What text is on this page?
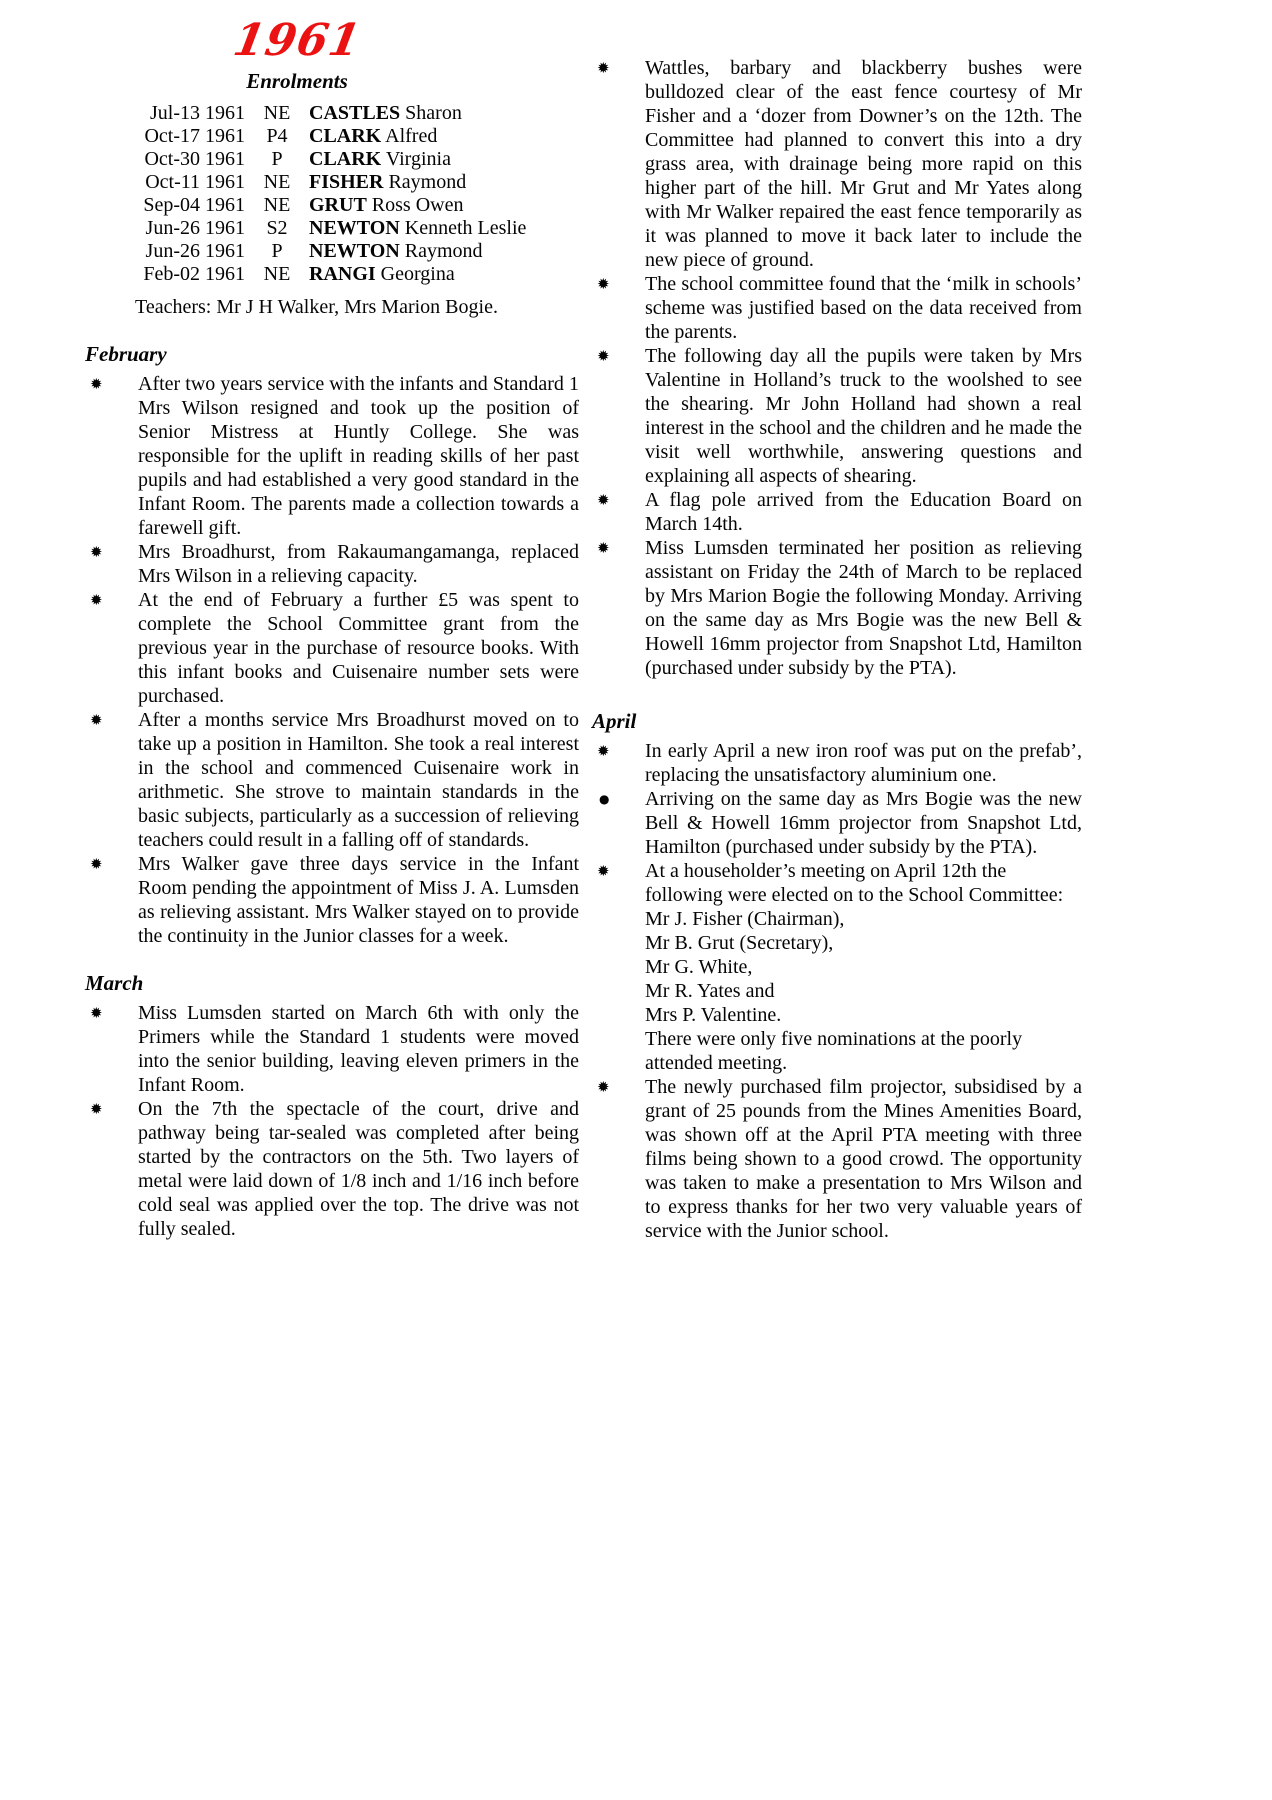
1961
Enrolments
Jul-13 1961 NE CASTLES Sharon
Oct-17 1961	P4	CLARK Alfred
Oct-30 1961	P	CLARK Virginia
Oct-11 1961 NE FISHER Raymond
Sep-04 1961 NE GRUT Ross Owen
Jun-26 1961	S2	NEWTON Kenneth Leslie
Jun-26 1961	P	NEWTON Raymond
Feb-02 1961 NE RANGI Georgina
Teachers: Mr J H Walker, Mrs Marion Bogie.
February
✹	After two years service with the infants and Standard 1 Mrs Wilson resigned and took up the position of Senior Mistress at Huntly College. She was responsible for the uplift in reading skills of her past pupils and had established a very good standard in the Infant Room. The parents made a collection towards a farewell gift.
✹	Mrs Broadhurst, from Rakaumangamanga, replaced Mrs Wilson in a relieving capacity.
✹	At the end of February a further £5 was spent to complete the School Committee grant from the previous year in the purchase of resource books. With this infant books and Cuisenaire number sets were purchased.
✹	After a months service Mrs Broadhurst moved on to take up a position in Hamilton. She took a real interest in the school and commenced Cuisenaire work in arithmetic. She strove to maintain standards in the basic subjects, particularly as a succession of relieving teachers could result in a falling off of standards.
✹	Mrs Walker gave three days service in the Infant Room pending the appointment of Miss J. A. Lumsden as relieving assistant. Mrs Walker stayed on to provide the continuity in the Junior classes for a week.
March
✹	Miss Lumsden started on March 6th with only the Primers while the Standard 1 students were moved into the senior building, leaving eleven primers in the Infant Room.
✹	On the 7th the spectacle of the court, drive and pathway being tar-sealed was completed after being started by the contractors on the 5th. Two layers of metal were laid down of 1/8 inch and 1/16 inch before cold seal was applied over the top. The drive was not fully sealed.
✹	Wattles, barbary and blackberry bushes were bulldozed clear of the east fence courtesy of Mr Fisher and a ‘dozer from Downer’s on the 12th. The Committee had planned to convert this into a dry grass area, with drainage being more rapid on this higher part of the hill. Mr Grut and Mr Yates along with Mr Walker repaired the east fence temporarily as it was planned to move it back later to include the new piece of ground.
✹	The school committee found that the ‘milk in schools’ scheme was justified based on the data received from the parents.
✹	The following day all the pupils were taken by Mrs Valentine in Holland’s truck to the woolshed to see the shearing. Mr John Holland had shown a real interest in the school and the children and he made the visit well worthwhile, answering questions and explaining all aspects of shearing.
✹	A flag pole arrived from the Education Board on March 14th.
✹	Miss Lumsden terminated her position as relieving assistant on Friday the 24th of March to be replaced by Mrs Marion Bogie the following Monday. Arriving on the same day as Mrs Bogie was the new Bell & Howell 16mm projector from Snapshot Ltd, Hamilton (purchased under subsidy by the PTA).
April
✹	In early April a new iron roof was put on the prefab’, replacing the unsatisfactory aluminium one.
●	Arriving on the same day as Mrs Bogie was the new Bell & Howell 16mm projector from Snapshot Ltd, Hamilton (purchased under subsidy by the PTA).
✹	At a householder’s meeting on April 12th the following were elected on to the School Committee:
Mr J. Fisher (Chairman),
Mr B. Grut (Secretary),
Mr G. White,
Mr R. Yates and
Mrs P. Valentine.
There were only five nominations at the poorly attended meeting.
✹	The newly purchased film projector, subsidised by a grant of 25 pounds from the Mines Amenities Board, was shown off at the April PTA meeting with three films being shown to a good crowd. The opportunity was taken to make a presentation to Mrs Wilson and to express thanks for her two very valuable years of service with the Junior school.
